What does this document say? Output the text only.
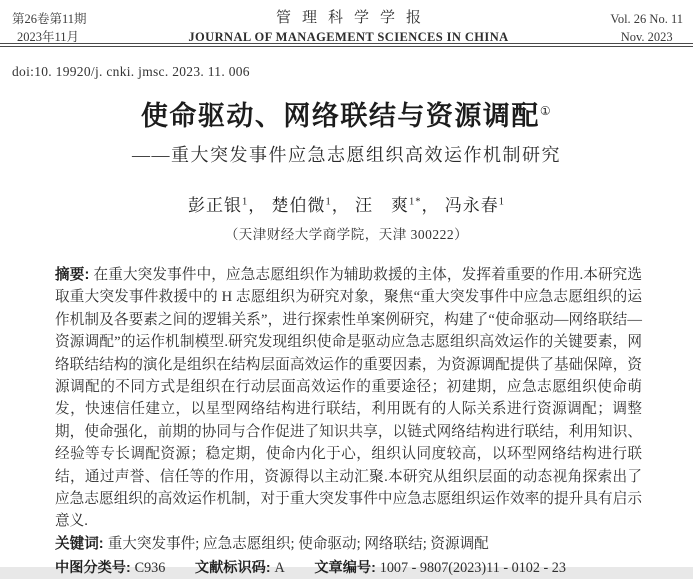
第26卷第11期
2023年11月
管理科学学报
JOURNAL OF MANAGEMENT SCIENCES IN CHINA
Vol. 26 No. 11
Nov. 2023
doi:10. 19920/j. cnki. jmsc. 2023. 11. 006
使命驱动、网络联结与资源调配①
——重大突发事件应急志愿组织高效运作机制研究
彭正银$^1$， 楚伯微$^1$， 汪　爽$^{1*}$， 冯永春$^1$
（天津财经大学商学院，天津 300222）
摘要: 在重大突发事件中，应急志愿组织作为辅助救援的主体，发挥着重要的作用.本研究选取重大突发事件救援中的 H 志愿组织为研究对象，聚焦“重大突发事件中应急志愿组织的运作机制及各要素之间的逻辑关系”，进行探索性单案例研究，构建了“使命驱动—网络联结—资源调配”的运作机制模型.研究发现组织使命是驱动应急志愿组织高效运作的关键要素，网络联结结构的演化是组织在结构层面高效运作的重要因素，为资源调配提供了基础保障，资源调配的不同方式是组织在行动层面高效运作的重要途径；初建期，应急志愿组织使命萌发，快速信任建立，以星型网络结构进行联结，利用既有的人际关系进行资源调配；调整期，使命强化，前期的协同与合作促进了知识共享，以链式网络结构进行联结，利用知识、经验等专长调配资源；稳定期，使命内化于心，组织认同度较高，以环型网络结构进行联结，通过声誉、信任等的作用，资源得以主动汇聚.本研究从组织层面的动态视角探索出了应急志愿组织的高效运作机制，对于重大突发事件中应急志愿组织运作效率的提升具有启示意义.
关键词: 重大突发事件; 应急志愿组织; 使命驱动; 网络联结; 资源调配
中图分类号: C936 文献标识码: A 文章编号: 1007 - 9807(2023)11 - 0102 - 23
